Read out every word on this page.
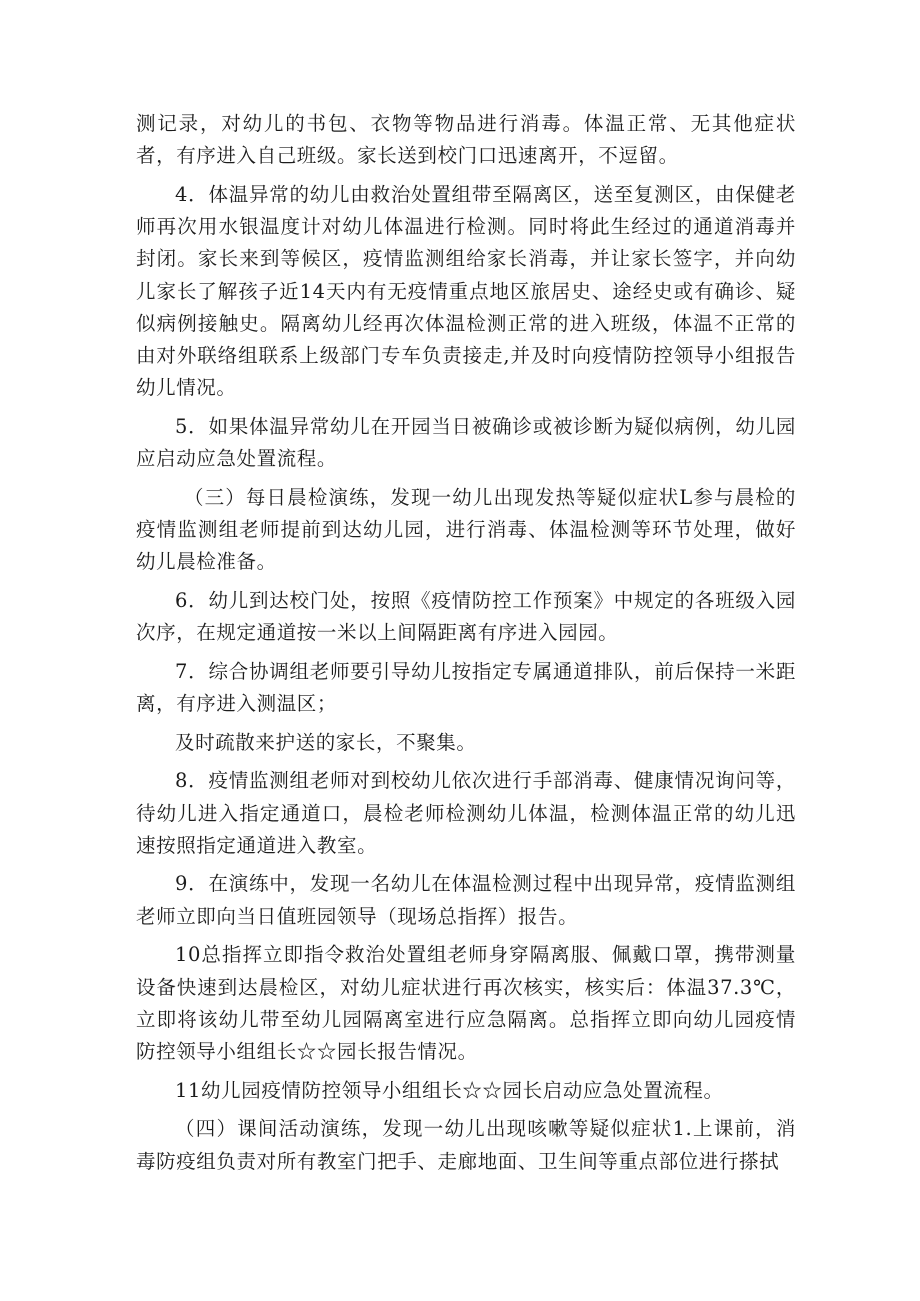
测记录，对幼儿的书包、衣物等物品进行消毒。体温正常、无其他症状者，有序进入自己班级。家长送到校门口迅速离开，不逗留。

4．体温异常的幼儿由救治处置组带至隔离区，送至复测区，由保健老师再次用水银温度计对幼儿体温进行检测。同时将此生经过的通道消毒并封闭。家长来到等候区，疫情监测组给家长消毒，并让家长签字，并向幼儿家长了解孩子近14天内有无疫情重点地区旅居史、途经史或有确诊、疑似病例接触史。隔离幼儿经再次体温检测正常的进入班级，体温不正常的由对外联络组联系上级部门专车负责接走,并及时向疫情防控领导小组报告幼儿情况。

5．如果体温异常幼儿在开园当日被确诊或被诊断为疑似病例，幼儿园应启动应急处置流程。

（三）每日晨检演练，发现一幼儿出现发热等疑似症状L参与晨检的疫情监测组老师提前到达幼儿园，进行消毒、体温检测等环节处理，做好幼儿晨检准备。

6．幼儿到达校门处，按照《疫情防控工作预案》中规定的各班级入园次序，在规定通道按一米以上间隔距离有序进入园园。

7．综合协调组老师要引导幼儿按指定专属通道排队，前后保持一米距离，有序进入测温区；

及时疏散来护送的家长，不聚集。

8．疫情监测组老师对到校幼儿依次进行手部消毒、健康情况询问等，待幼儿进入指定通道口，晨检老师检测幼儿体温，检测体温正常的幼儿迅速按照指定通道进入教室。

9．在演练中，发现一名幼儿在体温检测过程中出现异常，疫情监测组老师立即向当日值班园领导（现场总指挥）报告。

10总指挥立即指令救治处置组老师身穿隔离服、佩戴口罩，携带测量设备快速到达晨检区，对幼儿症状进行再次核实，核实后：体温37.3℃，立即将该幼儿带至幼儿园隔离室进行应急隔离。总指挥立即向幼儿园疫情防控领导小组组长☆☆园长报告情况。

11幼儿园疫情防控领导小组组长☆☆园长启动应急处置流程。

（四）课间活动演练，发现一幼儿出现咳嗽等疑似症状1.上课前，消毒防疫组负责对所有教室门把手、走廊地面、卫生间等重点部位进行搽拭
